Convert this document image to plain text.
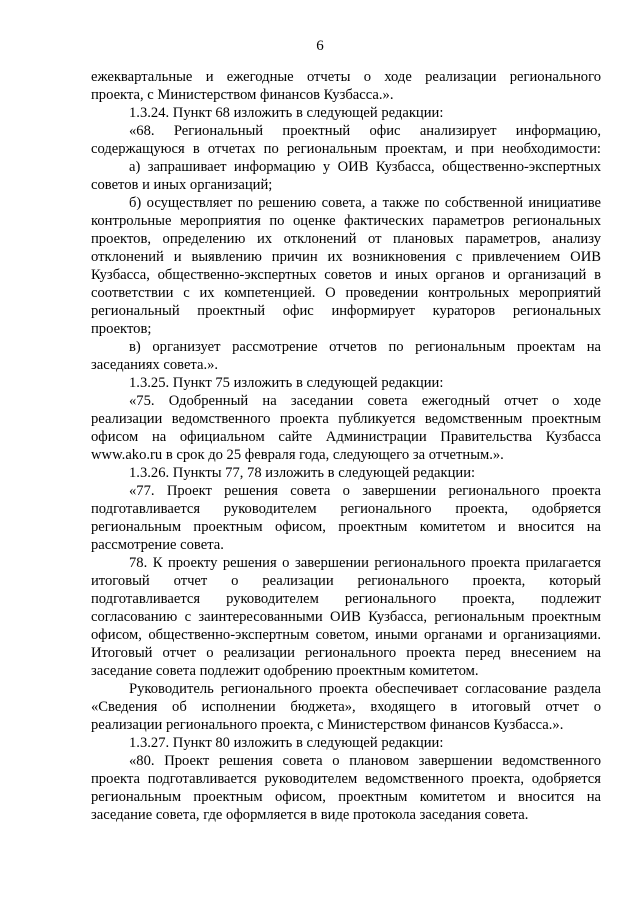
6
ежеквартальные и ежегодные отчеты о ходе реализации регионального
проекта, с Министерством финансов Кузбасса.».
1.3.24. Пункт 68 изложить в следующей редакции:
«68. Региональный проектный офис анализирует информацию,
содержащуюся в отчетах по региональным проектам, и при необходимости:
а) запрашивает информацию у ОИВ Кузбасса, общественно-экспертных
советов и иных организаций;
б) осуществляет по решению совета, а также по собственной инициативе
контрольные мероприятия по оценке фактических параметров региональных
проектов, определению их отклонений от плановых параметров, анализу
отклонений и выявлению причин их возникновения с привлечением ОИВ
Кузбасса, общественно-экспертных советов и иных органов и организаций в
соответствии с их компетенцией. О проведении контрольных мероприятий
региональный проектный офис информирует кураторов региональных
проектов;
в) организует рассмотрение отчетов по региональным проектам на
заседаниях совета.».
1.3.25. Пункт 75 изложить в следующей редакции:
«75. Одобренный на заседании совета ежегодный отчет о ходе
реализации ведомственного проекта публикуется ведомственным проектным
офисом на официальном сайте Администрации Правительства Кузбасса
www.ako.ru в срок до 25 февраля года, следующего за отчетным.».
1.3.26. Пункты 77, 78 изложить в следующей редакции:
«77. Проект решения совета о завершении регионального проекта
подготавливается руководителем регионального проекта, одобряется
региональным проектным офисом, проектным комитетом и вносится на
рассмотрение совета.
78. К проекту решения о завершении регионального проекта прилагается
итоговый отчет о реализации регионального проекта, который
подготавливается руководителем регионального проекта, подлежит
согласованию с заинтересованными ОИВ Кузбасса, региональным проектным
офисом, общественно-экспертным советом, иными органами и организациями.
Итоговый отчет о реализации регионального проекта перед внесением на
заседание совета подлежит одобрению проектным комитетом.
Руководитель регионального проекта обеспечивает согласование раздела
«Сведения об исполнении бюджета», входящего в итоговый отчет о
реализации регионального проекта, с Министерством финансов Кузбасса.».
1.3.27. Пункт 80 изложить в следующей редакции:
«80. Проект решения совета о плановом завершении ведомственного
проекта подготавливается руководителем ведомственного проекта, одобряется
региональным проектным офисом, проектным комитетом и вносится на
заседание совета, где оформляется в виде протокола заседания совета.
